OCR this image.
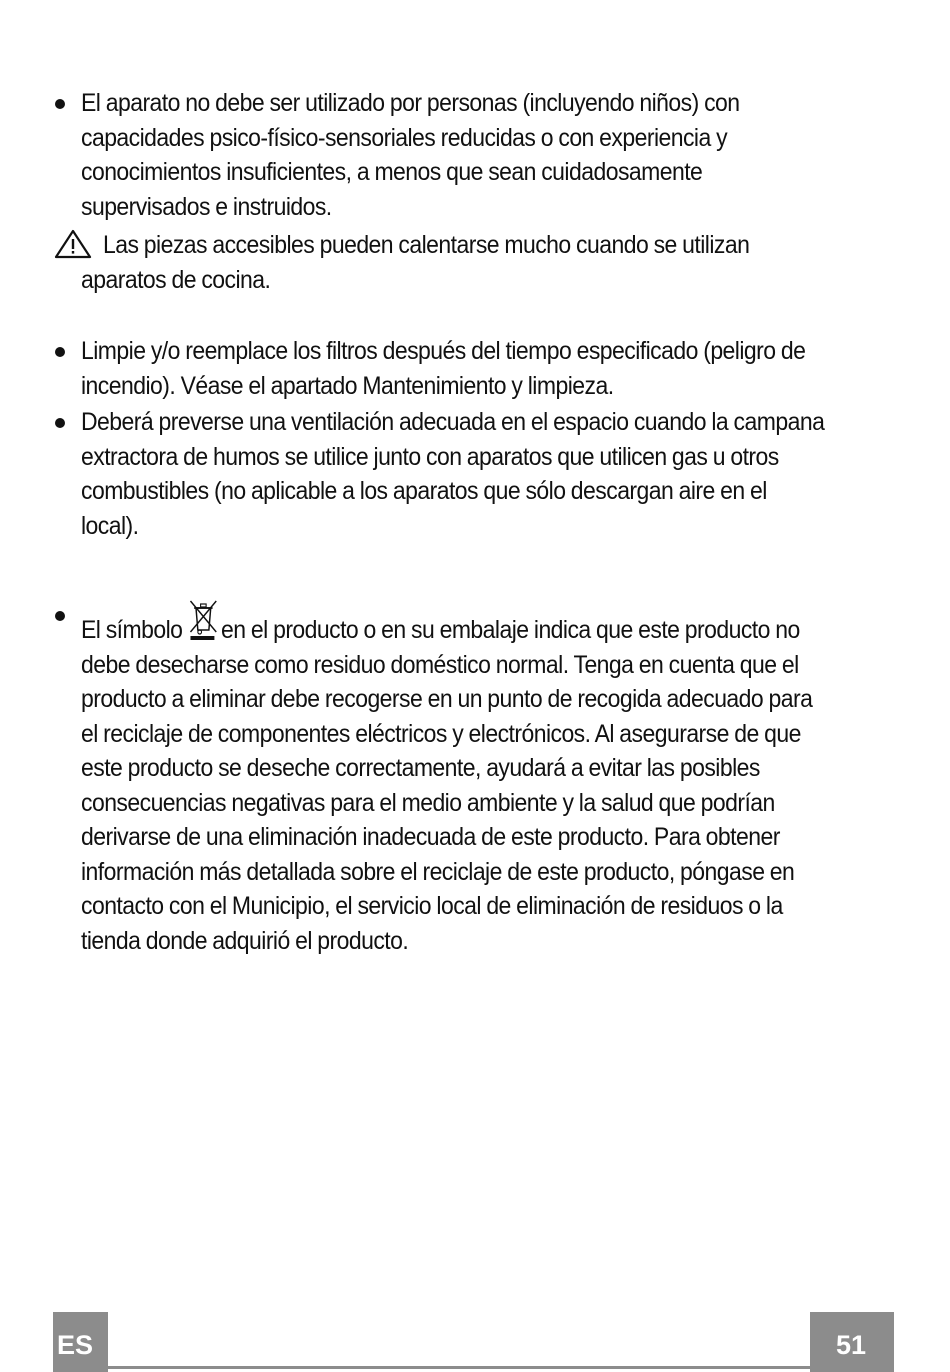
El aparato no debe ser utilizado por personas (incluyendo niños) con capacidades psico-físico-sensoriales reducidas o con experiencia y conocimientos insuficientes, a menos que sean cuidadosamente supervisados e instruidos.
Las piezas accesibles pueden calentarse mucho cuando se utilizan
aparatos de cocina.
Limpie y/o reemplace los filtros después del tiempo especificado (peligro de incendio). Véase el apartado Mantenimiento y limpieza.
Deberá preverse una ventilación adecuada en el espacio cuando la campana extractora de humos se utilice junto con aparatos que utilicen gas u otros combustibles (no aplicable a los aparatos que sólo descargan aire en el local).
El símbolo en el producto o en su embalaje indica que este producto no debe desecharse como residuo doméstico normal. Tenga en cuenta que el producto a eliminar debe recogerse en un punto de recogida adecuado para el reciclaje de componentes eléctricos y electrónicos. Al asegurarse de que este producto se deseche correctamente, ayudará a evitar las posibles consecuencias negativas para el medio ambiente y la salud que podrían derivarse de una eliminación inadecuada de este producto. Para obtener información más detallada sobre el reciclaje de este producto, póngase en contacto con el Municipio, el servicio local de eliminación de residuos o la tienda donde adquirió el producto.
ES	51
